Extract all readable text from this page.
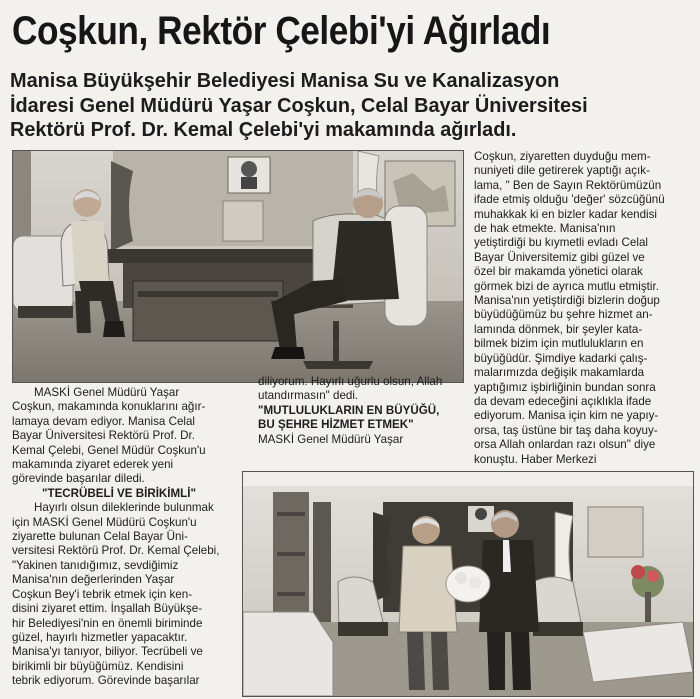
Coşkun, Rektör Çelebi'yi Ağırladı
Manisa Büyükşehir Belediyesi Manisa Su ve Kanalizasyon
İdaresi Genel Müdürü Yaşar Coşkun, Celal Bayar Üniversitesi
Rektörü Prof. Dr. Kemal Çelebi'yi makamında ağırladı.
MASKİ Genel Müdürü Yaşar
Coşkun, makamında konuklarını ağır-
lamaya devam ediyor. Manisa Celal
Bayar Üniversitesi Rektörü Prof. Dr.
Kemal Çelebi, Genel Müdür Coşkun'u
makamında ziyaret ederek yeni
görevinde başarılar diledi.
"TECRÜBELİ VE BİRİKİMLİ"
Hayırlı olsun dileklerinde bulunmak
için MASKİ Genel Müdürü Coşkun'u
ziyarette bulunan Celal Bayar Üni-
versitesi Rektörü Prof. Dr. Kemal Çelebi,
"Yakinen tanıdığımız, sevdiğimiz
Manisa'nın değerlerinden Yaşar
Coşkun Bey'i tebrik etmek için ken-
disini ziyaret ettim. İnşallah Büyükşe-
hir Belediyesi'nin en önemli biriminde
güzel, hayırlı hizmetler yapacaktır.
Manisa'yı tanıyor, biliyor. Tecrübeli ve
birikimli bir büyüğümüz. Kendisini
tebrik ediyorum. Görevinde başarılar
diliyorum. Hayırlı uğurlu olsun, Allah
utandırmasın" dedi.
"MUTLULUKLARIN EN BÜYÜĞÜ,
BU ŞEHRE HİZMET ETMEK"
MASKİ Genel Müdürü Yaşar
Coşkun, ziyaretten duyduğu mem-
nuniyeti dile getirerek yaptığı açık-
lama, " Ben de Sayın Rektörümüzün
ifade etmiş olduğu 'değer' sözcüğünü
muhakkak ki en bizler kadar kendisi
de hak etmekte. Manisa'nın
yetiştirdiği bu kıymetli evladı Celal
Bayar Üniversitemiz gibi güzel ve
özel bir makamda yönetici olarak
görmek bizi de ayrıca mutlu etmiştir.
Manisa'nın yetiştirdiği bizlerin doğup
büyüdüğümüz bu şehre hizmet an-
lamında dönmek, bir şeyler kata-
bilmek bizim için mutlulukların en
büyüğüdür. Şimdiye kadarki çalış-
malarımızda değişik makamlarda
yaptığımız işbirliğinin bundan sonra
da devam edeceğini açıklıkla ifade
ediyorum. Manisa için kim ne yapıy-
orsa, taş üstüne bir taş daha koyuy-
orsa Allah onlardan razı olsun" diye
konuştu. Haber Merkezi
